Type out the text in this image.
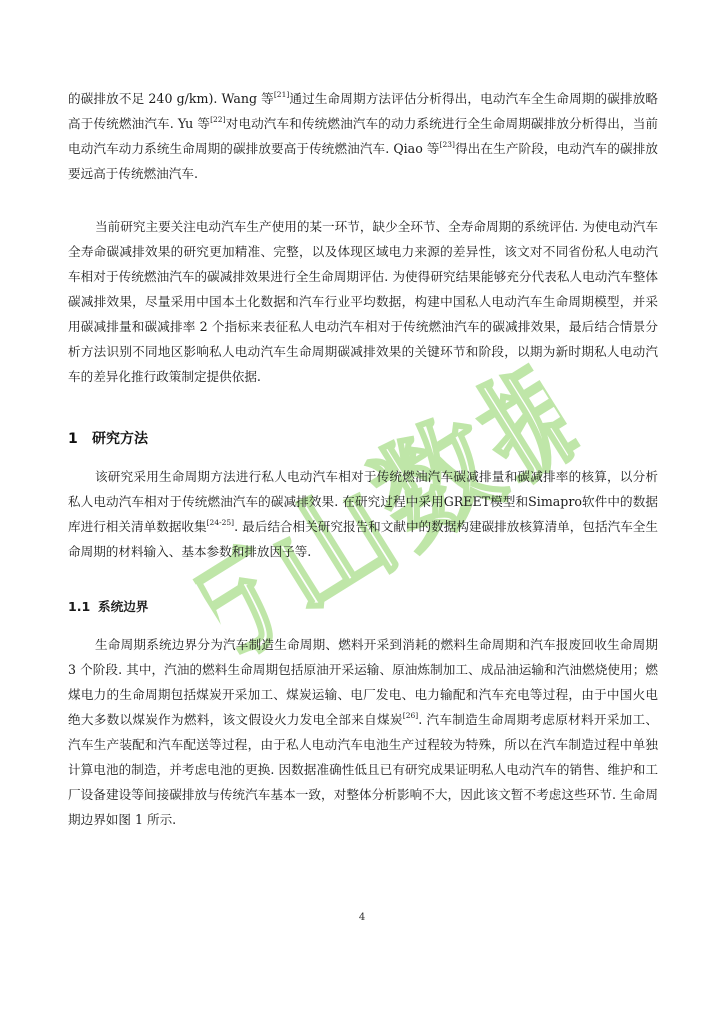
万山数据

的碳排放不足 240 g/km). Wang 等[21]通过生命周期方法评估分析得出，电动汽车全生命周期的碳排放略高于传统燃油汽车. Yu 等[22]对电动汽车和传统燃油汽车的动力系统进行全生命周期碳排放分析得出，当前电动汽车动力系统生命周期的碳排放要高于传统燃油汽车. Qiao 等[23]得出在生产阶段，电动汽车的碳排放要远高于传统燃油汽车.

当前研究主要关注电动汽车生产使用的某一环节，缺少全环节、全寿命周期的系统评估. 为使电动汽车全寿命碳减排效果的研究更加精准、完整，以及体现区域电力来源的差异性，该文对不同省份私人电动汽车相对于传统燃油汽车的碳减排效果进行全生命周期评估. 为使得研究结果能够充分代表私人电动汽车整体碳减排效果，尽量采用中国本土化数据和汽车行业平均数据，构建中国私人电动汽车生命周期模型，并采用碳减排量和碳减排率 2 个指标来表征私人电动汽车相对于传统燃油汽车的碳减排效果，最后结合情景分析方法识别不同地区影响私人电动汽车生命周期碳减排效果的关键环节和阶段，以期为新时期私人电动汽车的差异化推行政策制定提供依据.

1 研究方法

该研究采用生命周期方法进行私人电动汽车相对于传统燃油汽车碳减排量和碳减排率的核算，以分析私人电动汽车相对于传统燃油汽车的碳减排效果. 在研究过程中采用GREET模型和Simapro软件中的数据库进行相关清单数据收集[24-25]. 最后结合相关研究报告和文献中的数据构建碳排放核算清单，包括汽车全生命周期的材料输入、基本参数和排放因子等.

1.1 系统边界

生命周期系统边界分为汽车制造生命周期、燃料开采到消耗的燃料生命周期和汽车报废回收生命周期 3 个阶段. 其中，汽油的燃料生命周期包括原油开采运输、原油炼制加工、成品油运输和汽油燃烧使用；燃煤电力的生命周期包括煤炭开采加工、煤炭运输、电厂发电、电力输配和汽车充电等过程，由于中国火电绝大多数以煤炭作为燃料，该文假设火力发电全部来自煤炭[26]. 汽车制造生命周期考虑原材料开采加工、汽车生产装配和汽车配送等过程，由于私人电动汽车电池生产过程较为特殊，所以在汽车制造过程中单独计算电池的制造，并考虑电池的更换. 因数据准确性低且已有研究成果证明私人电动汽车的销售、维护和工厂设备建设等间接碳排放与传统汽车基本一致，对整体分析影响不大，因此该文暂不考虑这些环节. 生命周期边界如图 1 所示.

4
